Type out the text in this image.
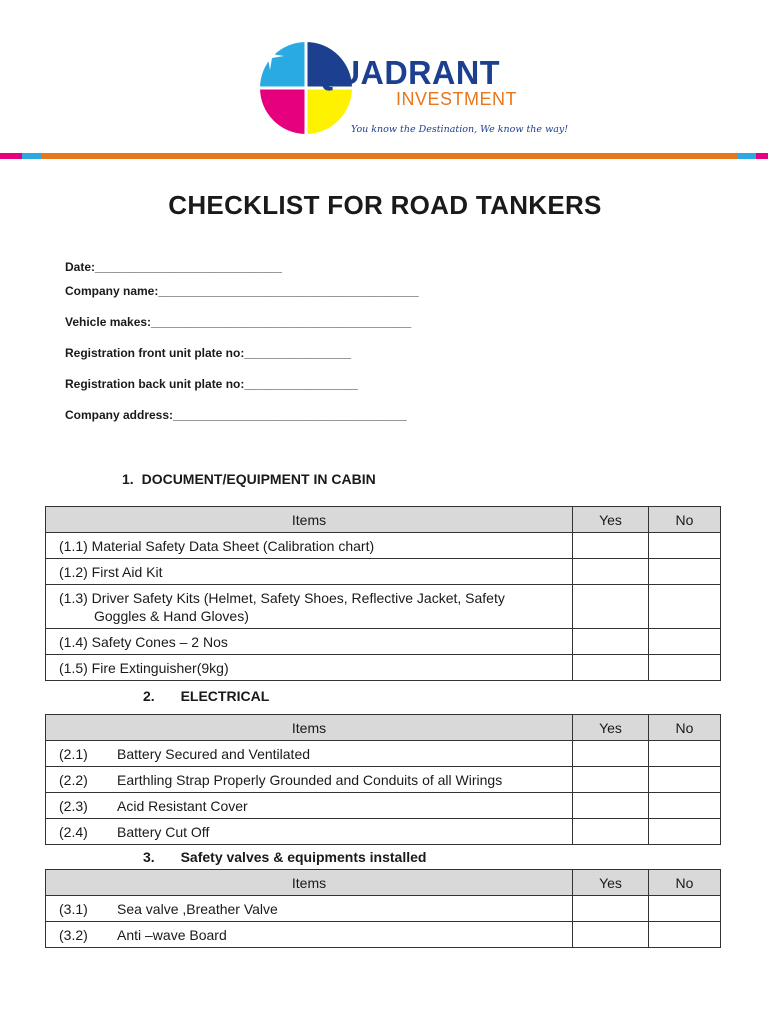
QUADRANT
INVESTMENT
You know the Destination, We know the way!
CHECKLIST FOR ROAD TANKERS
Date:____________________________
Company name:_______________________________________
Vehicle makes:_______________________________________
Registration front unit plate no:________________
Registration back unit plate no:_________________
Company address:___________________________________
1. DOCUMENT/EQUIPMENT IN CABIN
Items	Yes	No
(1.1) Material Safety Data Sheet (Calibration chart)		
(1.2) First Aid Kit		

(1.3) Driver Safety Kits (Helmet, Safety Shoes, Reflective Jacket, Safety
Goggles & Hand Gloves)		

(1.4) Safety Cones – 2 Nos		
(1.5) Fire Extinguisher(9kg)		
2. ELECTRICAL
Items	Yes	No
(2.1) Battery Secured and Ventilated		
(2.2) Earthling Strap Properly Grounded and Conduits of all Wirings		
(2.3) Acid Resistant Cover		
(2.4) Battery Cut Off		
3. Safety valves & equipments installed
Items	Yes	No
(3.1) Sea valve ,Breather Valve		
(3.2) Anti –wave Board		
